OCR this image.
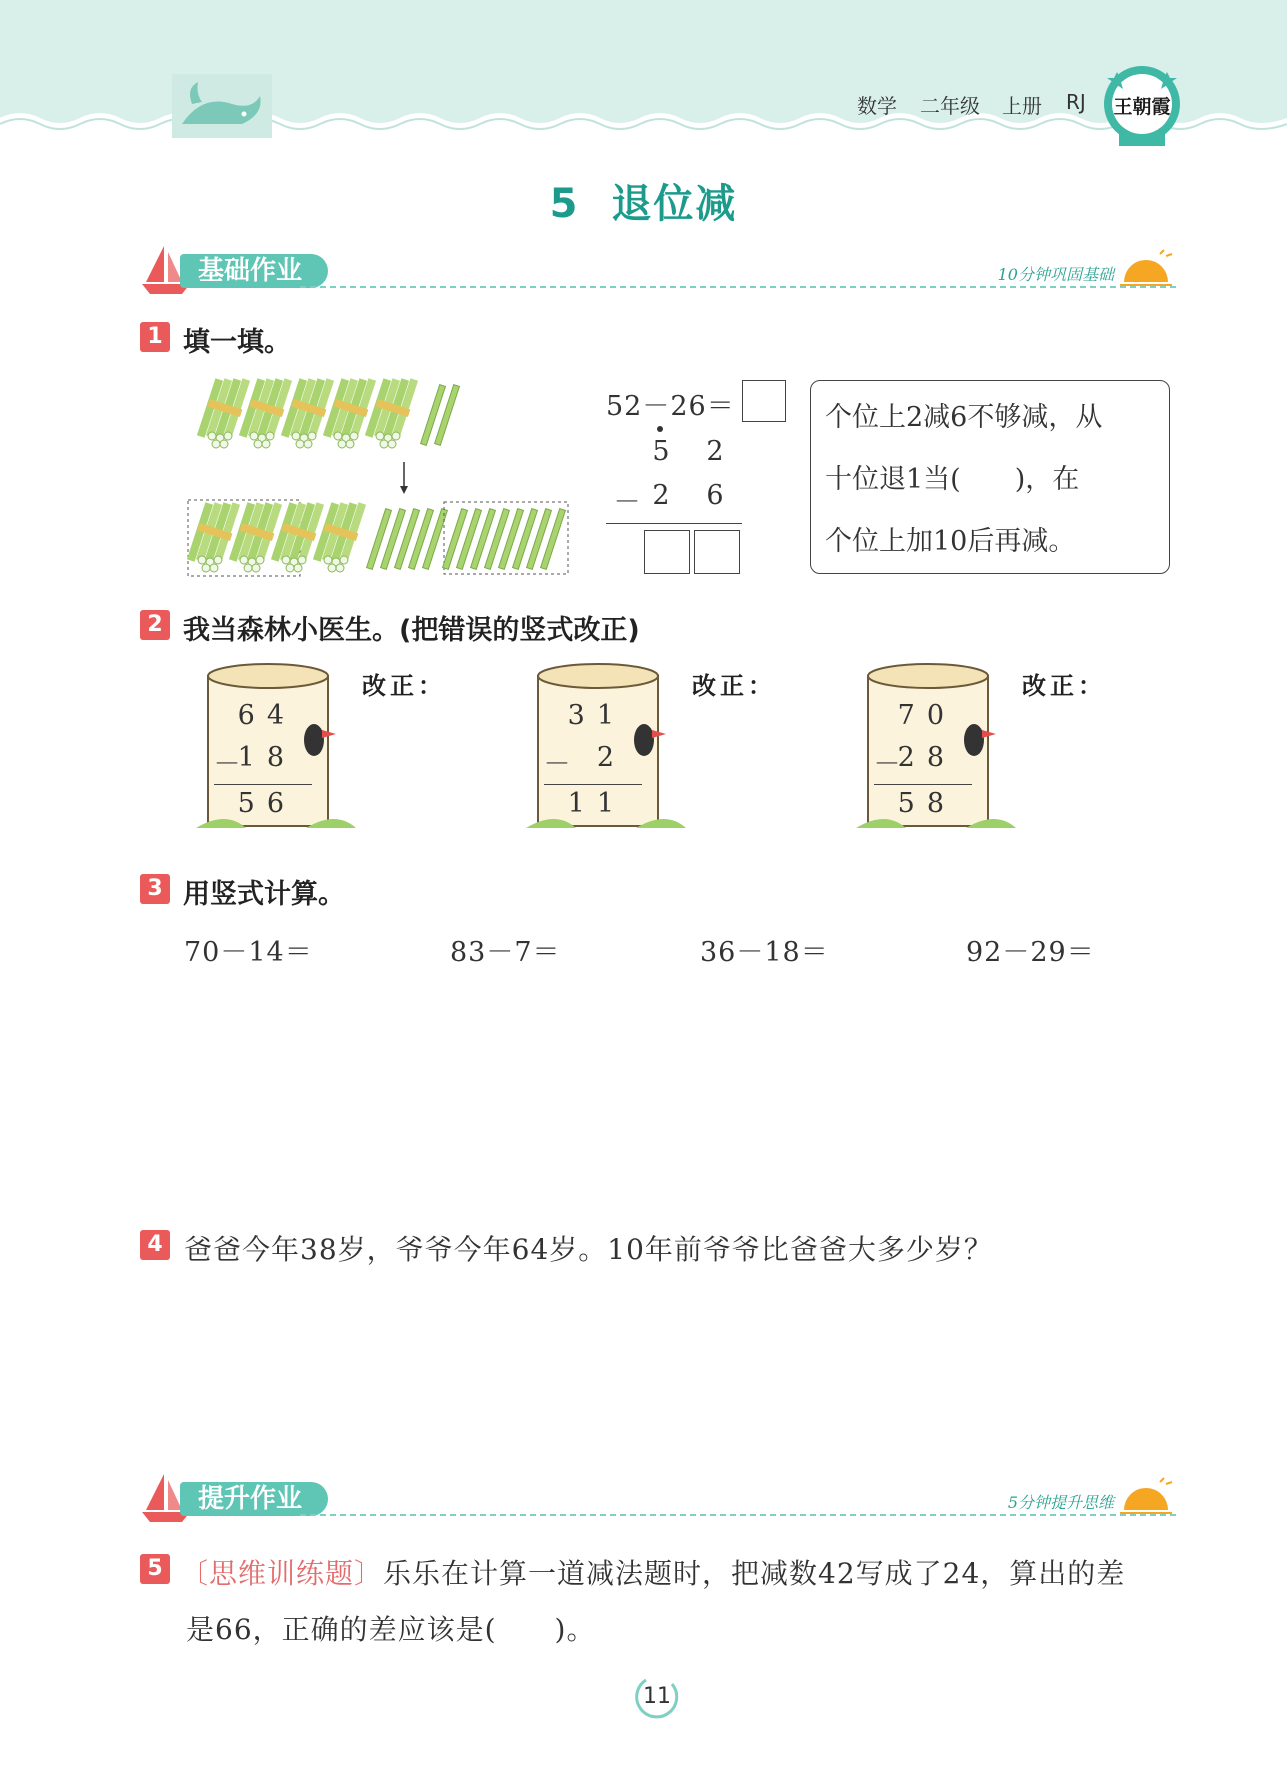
数学 二年级 上册 RJ	王朝霞
5  退位减
基础作业	10分钟巩固基础
1 填一填。
52－26＝
5 2
－ 2 6
个位上2减6不够减，从
十位退1当(　　)，在
个位上加10后再减。
2 我当森林小医生。(把错误的竖式改正)
64
－
18
56
改正：
31
－ 2
11
改正：
70
－
28
58
改正：
3 用竖式计算。
70－14＝	83－7＝	36－18＝	92－29＝
4 爸爸今年38岁，爷爷今年64岁。10年前爷爷比爸爸大多少岁？
提升作业	5分钟提升思维
5 〔思维训练题〕乐乐在计算一道减法题时，把减数42写成了24，算出的差
是66，正确的差应该是(　　)。
11
